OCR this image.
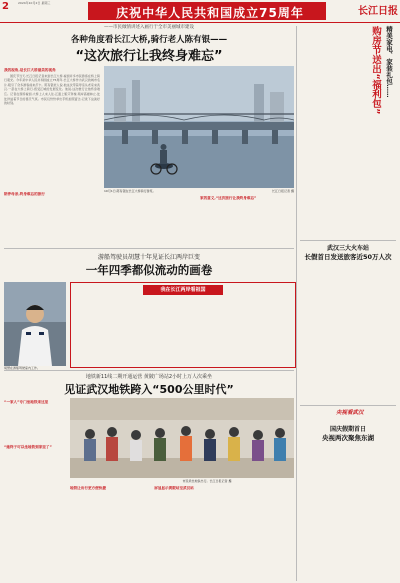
2	2024年10月2日 星期三
庆祝中华人民共和国成立75周年	长江日报
——市民倾情讲述入画行于全市美丽城市建设
各种角度看长江大桥,骑行老人陈有银——
“这次旅行让我终身难忘”
我的视角,是长江大桥最美的视角

国庆节当天,长江日报记者来到长江大桥,看到许多市民游客在桥上骑行观光。今年是中华人民共和国成立75周年,长江大桥作为武汉的城市名片,吸引了众多游客前来打卡。陈有银老人说,他这次带着母亲从老家来武汉,一起在大桥上骑行,感受江城的发展变化。他说,这次旅行让他终身难忘。记者在现场看到,大桥上人来人往,江面上船只穿梭,两岸高楼林立,处处洋溢着节日的喜庆气氛。市民们纷纷拿出手机拍照留念,记录下这美好的时刻。

10月1日,陈有银在长江大桥骑行游览。	长江日报记者 摄
陪伴母亲,终身难忘的旅行
家的意义,“这次旅行让我终身难忘”
游船驾驶员胡慧十年见证长江两岸巨变
一年四季都似流动的画卷
胡慧在游船驾驶室内工作。
我在长江两岸看祖国
地铁新11线二期开通运营 黄陂广场站2小时上万人次乘坐
见证武汉地铁跨入“500公里时代”
“一家人”专门坐地铁来这里
“她终于可以坐地铁到家里了”
市民乘坐地铁出行。长江日报记者 摄
地铁让出行更方便快捷	屏显显示黄陂站至武汉站
购房节送出“福利包” 精美家电、家装礼包……
武汉三大火车站
长假首日发送旅客近50万人次
央视看武汉
国庆假期首日
央视两次聚焦东湖
